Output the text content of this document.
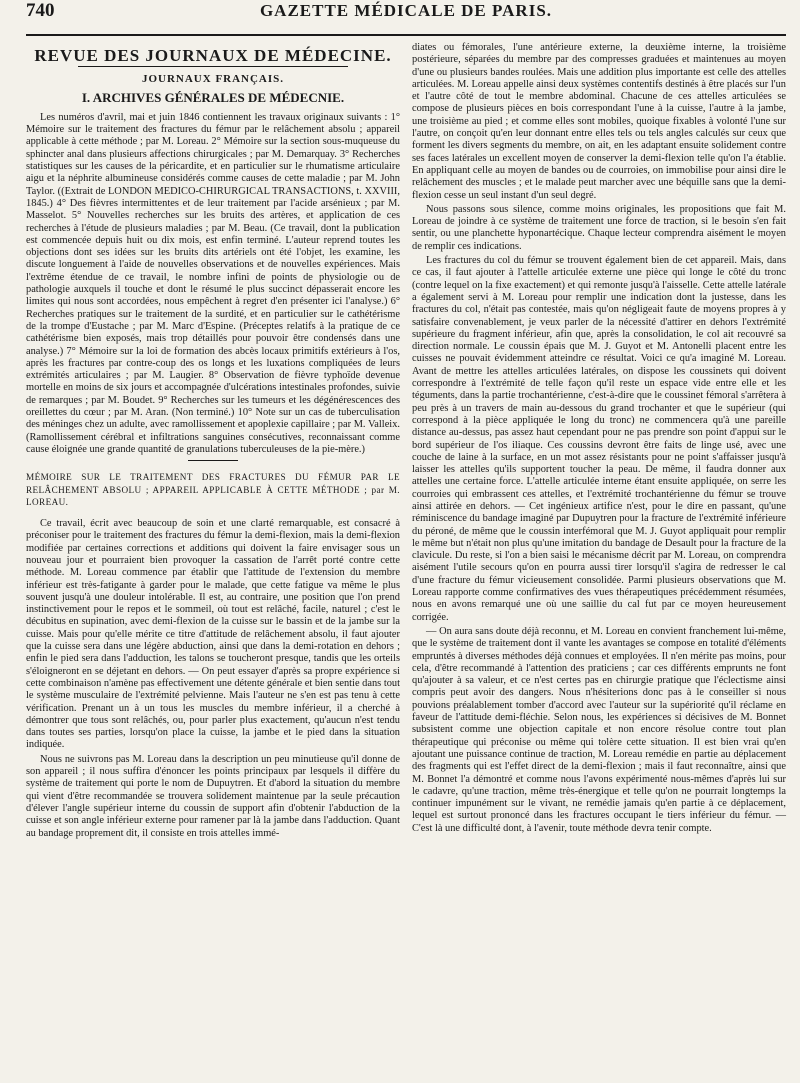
740	GAZETTE MÉDICALE DE PARIS.
REVUE DES JOURNAUX DE MÉDECINE.
JOURNAUX FRANÇAIS.
I. ARCHIVES GÉNÉRALES DE MÉDECNIE.

Les numéros d'avril, mai et juin 1846 contiennent les travaux originaux suivants : 1° Mémoire sur le traitement des fractures du fémur par le relâchement absolu ; appareil applicable à cette méthode ; par M. Loreau. 2° Mémoire sur la section sous-muqueuse du sphincter anal dans plusieurs affections chirurgicales ; par M. Demarquay. 3° Recherches statistiques sur les causes de la péricardite, et en particulier sur le rhumatisme articulaire aigu et la néphrite albumineuse considérés comme causes de cette maladie ; par M. John Taylor. ((Extrait de LONDON MEDICO-CHIRURGICAL TRANSACTIONS, t. XXVIII, 1845.) 4° Des fièvres intermittentes et de leur traitement par l'acide arsénieux ; par M. Masselot. 5° Nouvelles recherches sur les bruits des artères, et application de ces recherches à l'étude de plusieurs maladies ; par M. Beau. (Ce travail, dont la publication est commencée depuis huit ou dix mois, est enfin terminé. L'auteur reprend toutes les objections dont ses idées sur les bruits dits artériels ont été l'objet, les examine, les discute longuement à l'aide de nouvelles observations et de nouvelles expériences. Mais l'extrême étendue de ce travail, le nombre infini de points de physiologie ou de pathologie auxquels il touche et dont le résumé le plus succinct dépasserait encore les limites qui nous sont accordées, nous empêchent à regret d'en présenter ici l'analyse.) 6° Recherches pratiques sur le traitement de la surdité, et en particulier sur le cathétérisme de la trompe d'Eustache ; par M. Marc d'Espine. (Préceptes relatifs à la pratique de ce cathétérisme bien exposés, mais trop détaillés pour pouvoir être condensés dans une analyse.) 7° Mémoire sur la loi de formation des abcès locaux primitifs extérieurs à l'os, après les fractures par contre-coup des os longs et les luxations compliquées de leurs extrémités articulaires ; par M. Laugier. 8° Observation de fièvre typhoïde devenue mortelle en moins de six jours et accompagnée d'ulcérations intestinales profondes, suivie de remarques ; par M. Boudet. 9° Recherches sur les tumeurs et les dégénérescences des oreillettes du cœur ; par M. Aran. (Non terminé.) 10° Note sur un cas de tuberculisation des méninges chez un adulte, avec ramollissement et apoplexie capillaire ; par M. Valleix. (Ramollissement cérébral et infiltrations sanguines consécutives, reconnaissant comme cause éloignée une grande quantité de granulations tuberculeuses de la pie-mère.)

MÉMOIRE SUR LE TRAITEMENT DES FRACTURES DU FÉMUR PAR LE RELÂCHEMENT ABSOLU ; APPAREIL APPLICABLE À CETTE MÉTHODE ; par M. LOREAU.

Ce travail, écrit avec beaucoup de soin et une clarté remarquable, est consacré à préconiser pour le traitement des fractures du fémur la demi-flexion, mais la demi-flexion modifiée par certaines corrections et additions qui doivent la faire envisager sous un nouveau jour et pourraient bien provoquer la cassation de l'arrêt porté contre cette méthode. M. Loreau commence par établir que l'attitude de l'extension du membre inférieur est très-fatigante à garder pour le malade, que cette fatigue va même le plus souvent jusqu'à une douleur intolérable. Il est, au contraire, une position que l'on prend instinctivement pour le repos et le sommeil, où tout est relâché, facile, naturel ; c'est le décubitus en supination, avec demi-flexion de la cuisse sur le bassin et de la jambe sur la cuisse. Mais pour qu'elle mérite ce titre d'attitude de relâchement absolu, il faut ajouter que la cuisse sera dans une légère abduction, ainsi que dans la demi-rotation en dehors ; enfin le pied sera dans l'adduction, les talons se toucheront presque, tandis que les orteils s'éloigneront en se déjetant en dehors. — On peut essayer d'après sa propre expérience si cette combinaison n'amène pas effectivement une détente générale et bien sentie dans tout le système musculaire de l'extrémité pelvienne. Mais l'auteur ne s'en est pas tenu à cette vérification. Prenant un à un tous les muscles du membre inférieur, il a cherché à démontrer que tous sont relâchés, ou, pour parler plus exactement, qu'aucun n'est tendu dans toutes ses parties, lorsqu'on place la cuisse, la jambe et le pied dans la situation indiquée.

Nous ne suivrons pas M. Loreau dans la description un peu minutieuse qu'il donne de son appareil ; il nous suffira d'énoncer les points principaux par lesquels il diffère du système de traitement qui porte le nom de Dupuytren. Et d'abord la situation du membre qui vient d'être recommandée se trouvera solidement maintenue par la seule précaution d'élever l'angle supérieur interne du coussin de support afin d'obtenir l'abduction de la cuisse et son angle inférieur externe pour ramener par là la jambe dans l'adduction. Quant au bandage proprement dit, il consiste en trois attelles immé-

diates ou fémorales, l'une antérieure externe, la deuxième interne, la troisième postérieure, séparées du membre par des compresses graduées et maintenues au moyen d'une ou plusieurs bandes roulées. Mais une addition plus importante est celle des attelles articulées. M. Loreau appelle ainsi deux systèmes contentifs destinés à être placés sur l'un et l'autre côté de tout le membre abdominal. Chacune de ces attelles articulées se compose de plusieurs pièces en bois correspondant l'une à la cuisse, l'autre à la jambe, une troisième au pied ; et comme elles sont mobiles, quoique fixables à volonté l'une sur l'autre, on conçoit qu'en leur donnant entre elles tels ou tels angles calculés sur ceux que forment les divers segments du membre, on ait, en les adaptant ensuite solidement contre ses faces latérales un excellent moyen de conserver la demi-flexion telle qu'on l'a établie. En appliquant celle au moyen de bandes ou de courroies, on immobilise pour ainsi dire le relâchement des muscles ; et le malade peut marcher avec une béquille sans que la demi-flexion cesse un seul instant d'un seul degré.

Nous passons sous silence, comme moins originales, les propositions que fait M. Loreau de joindre à ce système de traitement une force de traction, si le besoin s'en fait sentir, ou une planchette hyponartécique. Chaque lecteur comprendra aisément le moyen de remplir ces indications.

Les fractures du col du fémur se trouvent également bien de cet appareil. Mais, dans ce cas, il faut ajouter à l'attelle articulée externe une pièce qui longe le côté du tronc (contre lequel on la fixe exactement) et qui remonte jusqu'à l'aisselle. Cette attelle latérale a également servi à M. Loreau pour remplir une indication dont la justesse, dans les fractures du col, n'était pas contestée, mais qu'on négligeait faute de moyens propres à y satisfaire convenablement, je veux parler de la nécessité d'attirer en dehors l'extrémité supérieure du fragment inférieur, afin que, après la consolidation, le col ait recouvré sa direction normale. Le coussin épais que M. J. Guyot et M. Antonelli placent entre les cuisses ne pouvait évidemment atteindre ce résultat. Voici ce qu'a imaginé M. Loreau. Avant de mettre les attelles articulées latérales, on dispose les coussinets qui doivent correspondre à l'extrémité de telle façon qu'il reste un espace vide entre elle et les téguments, dans la partie trochantérienne, c'est-à-dire que le coussinet fémoral s'arrêtera à peu près à un travers de main au-dessous du grand trochanter et que le supérieur (qui correspond à la pièce appliquée le long du tronc) ne commencera qu'à une pareille distance au-dessus, pas assez haut cependant pour ne pas prendre son point d'appui sur le bord supérieur de l'os iliaque. Ces coussins devront être faits de linge usé, avec une couche de laine à la surface, en un mot assez résistants pour ne point s'affaisser jusqu'à laisser les attelles qu'ils supportent toucher la peau. De même, il faudra donner aux attelles une certaine force. L'attelle articulée interne étant ensuite appliquée, on serre les courroies qui embrassent ces attelles, et l'extrémité trochantérienne du fémur se trouve ainsi attirée en dehors. — Cet ingénieux artifice n'est, pour le dire en passant, qu'une réminiscence du bandage imaginé par Dupuytren pour la fracture de l'extrémité inférieure du péroné, de même que le coussin interfémoral que M. J. Guyot appliquait pour remplir le même but n'était non plus qu'une imitation du bandage de Desault pour la fracture de la clavicule. Du reste, si l'on a bien saisi le mécanisme décrit par M. Loreau, on comprendra aisément l'utile secours qu'on en pourra aussi tirer lorsqu'il s'agira de redresser le cal d'une fracture du fémur vicieusement consolidée. Parmi plusieurs observations que M. Loreau rapporte comme confirmatives des vues thérapeutiques précédemment résumées, nous en avons remarqué une où une saillie du cal fut par ce moyen heureusement corrigée.

— On aura sans doute déjà reconnu, et M. Loreau en convient franchement lui-même, que le système de traitement dont il vante les avantages se compose en totalité d'éléments empruntés à diverses méthodes déjà connues et employées. Il n'en mérite pas moins, pour cela, d'être recommandé à l'attention des praticiens ; car ces différents emprunts ne font qu'ajouter à sa valeur, et ce n'est certes pas en chirurgie pratique que l'éclectisme ainsi compris peut avoir des dangers. Nous n'hésiterions donc pas à le conseiller si nous pouvions préalablement tomber d'accord avec l'auteur sur la supériorité qu'il réclame en faveur de l'attitude demi-fléchie. Selon nous, les expériences si décisives de M. Bonnet subsistent comme une objection capitale et non encore résolue contre tout plan thérapeutique qui préconise ou même qui tolère cette situation. Il est bien vrai qu'en ajoutant une puissance continue de traction, M. Loreau remédie en partie au déplacement des fragments qui est l'effet direct de la demi-flexion ; mais il faut reconnaître, ainsi que M. Bonnet l'a démontré et comme nous l'avons expérimenté nous-mêmes d'après lui sur le cadavre, qu'une traction, même très-énergique et telle qu'on ne pourrait longtemps la continuer impunément sur le vivant, ne remédie jamais qu'en partie à ce déplacement, lequel est surtout prononcé dans les fractures occupant le tiers inférieur du fémur. — C'est là une difficulté dont, à l'avenir, toute méthode devra tenir compte.
